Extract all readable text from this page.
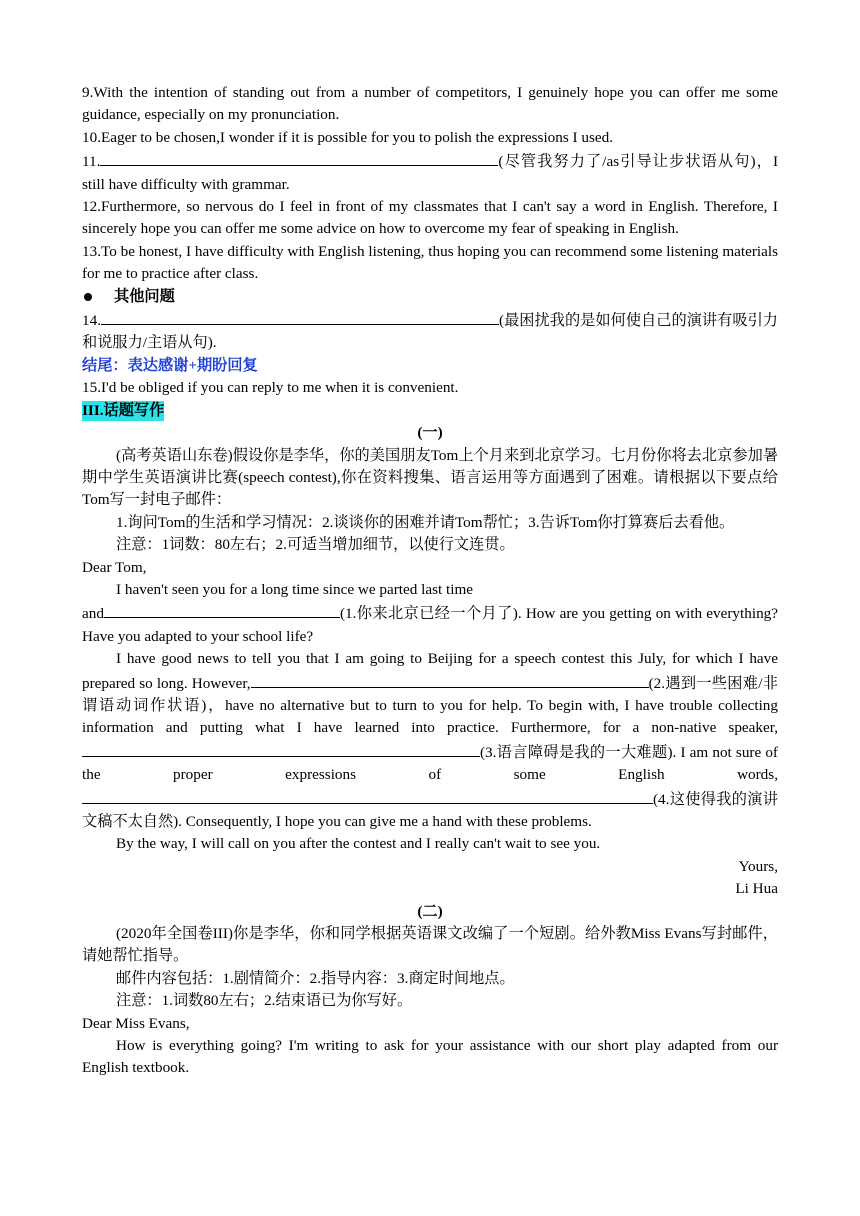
9.With the intention of standing out from a number of competitors, I genuinely hope you can offer me some guidance, especially on my pronunciation.

10.Eager to be chosen,I wonder if it is possible for you to polish the expressions I used.

11.	(尽管我努力了/as引导让步状语从句)，I still have difficulty with grammar.

12.Furthermore, so nervous do I feel in front of my classmates that I can't say a word in English. Therefore, I sincerely hope you can offer me some advice on how to overcome my fear of speaking in English.

13.To be honest, I have difficulty with English listening, thus hoping you can recommend some listening materials for me to practice after class.

其他问题

14.	(最困扰我的是如何使自己的演讲有吸引力和说服力/主语从句).

结尾：表达感谢+期盼回复

15.I'd be obliged if you can reply to me when it is convenient.

III.话题写作

(一)

(高考英语山东卷)假设你是李华，你的美国朋友Tom上个月来到北京学习。七月份你将去北京参加暑期中学生英语演讲比赛(speech contest),你在资料搜集、语言运用等方面遇到了困难。请根据以下要点给Tom写一封电子邮件：

1.询问Tom的生活和学习情况：2.谈谈你的困难并请Tom帮忙；3.告诉Tom你打算赛后去看他。

注意：1词数：80左右；2.可适当增加细节，以使行文连贯。

Dear Tom,

I haven't seen you for a long time since we parted last time

and	(1.你来北京已经一个月了). How are you getting on with everything? Have you adapted to your school life?

I have good news to tell you that I am going to Beijing for a speech contest this July, for which I have prepared so long. However,	(2.遇到一些困难/非谓语动词作状语)，have no alternative but to turn to you for help. To begin with, I have trouble collecting information and putting what I have learned into practice. Furthermore, for a non-native speaker, (3.语言障碍是我的一大难题). I am not sure of the proper expressions of some English words,(4.这使得我的演讲文稿不太自然). Consequently, I hope you can give me a hand with these problems.

By the way, I will call on you after the contest and I really can't wait to see you.

Yours,

Li Hua

(二)

(2020年全国卷III)你是李华，你和同学根据英语课文改编了一个短剧。给外教Miss Evans写封邮件，请她帮忙指导。

邮件内容包括：1.剧情简介：2.指导内容：3.商定时间地点。

注意：1.词数80左右；2.结束语已为你写好。

Dear Miss Evans,

How is everything going? I'm writing to ask for your assistance with our short play adapted from our English textbook.
